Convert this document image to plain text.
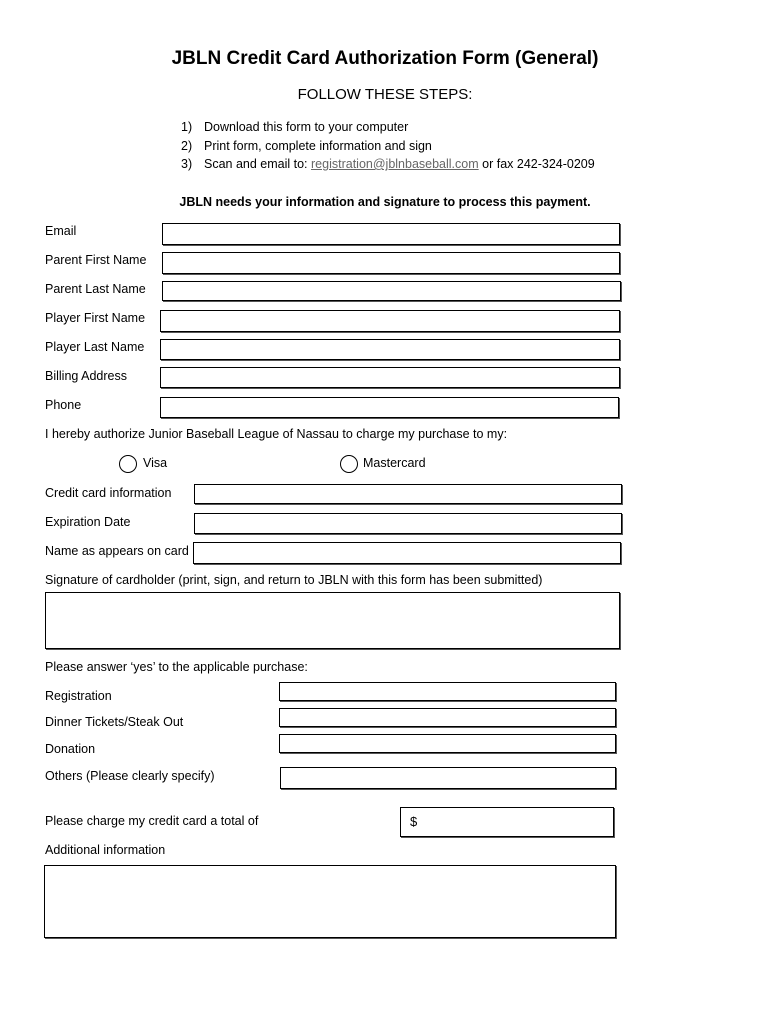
JBLN Credit Card Authorization Form (General)
FOLLOW THESE STEPS:
1) Download this form to your computer
2) Print form, complete information and sign
3) Scan and email to: registration@jblnbaseball.com or fax 242-324-0209
JBLN needs your information and signature to process this payment.
Email
Parent First Name
Parent Last Name
Player First Name
Player Last Name
Billing Address
Phone
I hereby authorize Junior Baseball League of Nassau to charge my purchase to my:
Visa	Mastercard
Credit card information
Expiration Date
Name as appears on card
Signature of cardholder (print, sign, and return to JBLN with this form has been submitted)
Please answer ‘yes’ to the applicable purchase:
Registration
Dinner Tickets/Steak Out
Donation
Others (Please clearly specify)
Please charge my credit card a total of	$
Additional information
